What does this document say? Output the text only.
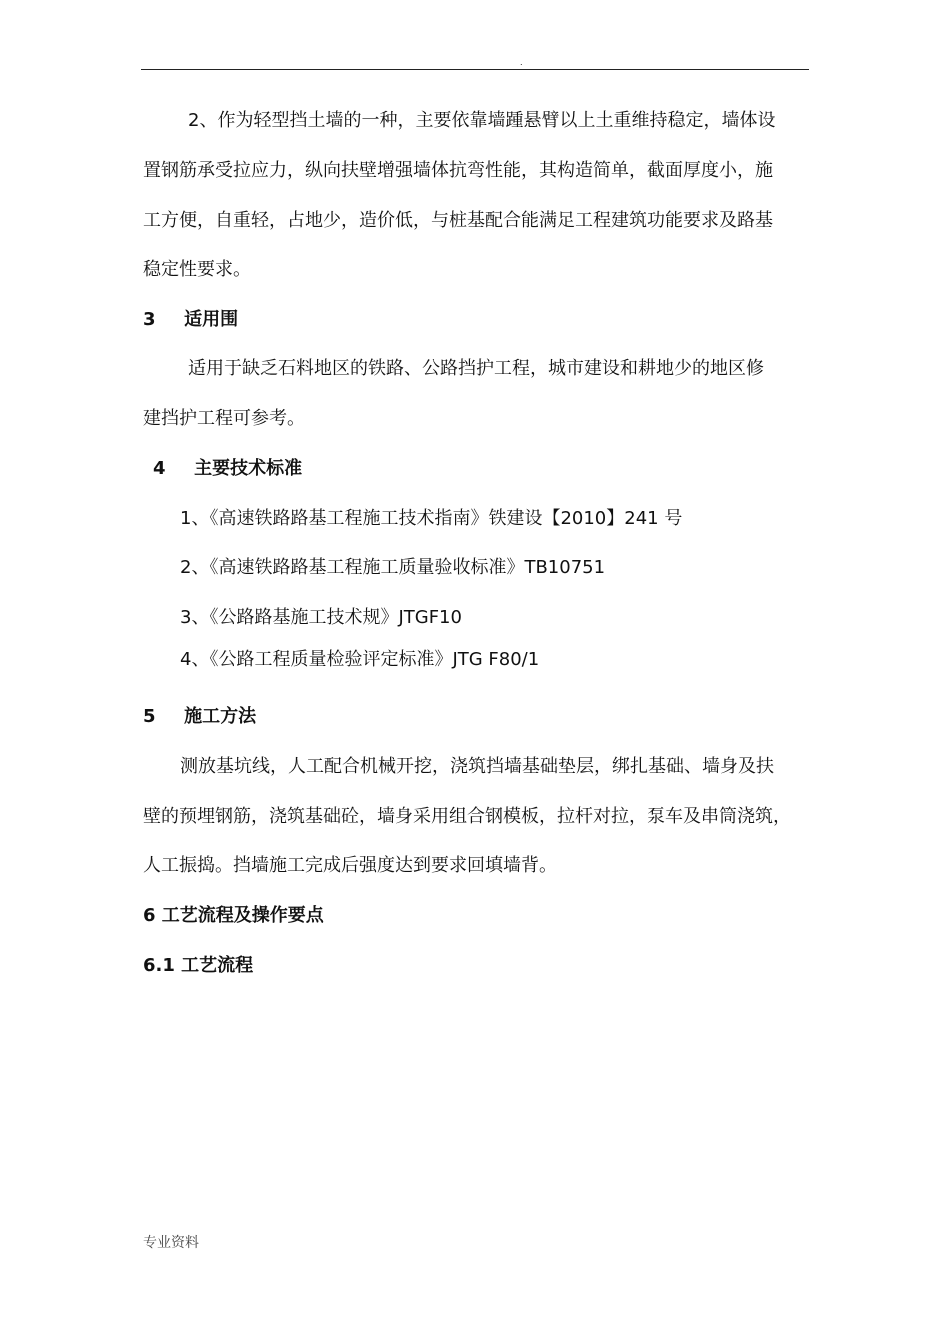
.
2、作为轻型挡土墙的一种，主要依靠墙踵悬臂以上土重维持稳定，墙体设
置钢筋承受拉应力，纵向扶壁增强墙体抗弯性能，其构造简单，截面厚度小，施
工方便，自重轻，占地少，造价低，与桩基配合能满足工程建筑功能要求及路基
稳定性要求。
3 适用围
适用于缺乏石料地区的铁路、公路挡护工程，城市建设和耕地少的地区修
建挡护工程可参考。
4 主要技术标准
1、《高速铁路路基工程施工技术指南》铁建设【2010】241 号
2、《高速铁路路基工程施工质量验收标准》TB10751
3、《公路路基施工技术规》JTGF10
4、《公路工程质量检验评定标准》JTG F80/1
5 施工方法
测放基坑线，人工配合机械开挖，浇筑挡墙基础垫层，绑扎基础、墙身及扶
壁的预埋钢筋，浇筑基础砼，墙身采用组合钢模板，拉杆对拉，泵车及串筒浇筑，
人工振捣。挡墙施工完成后强度达到要求回填墙背。
6 工艺流程及操作要点
6.1 工艺流程
专业资料
